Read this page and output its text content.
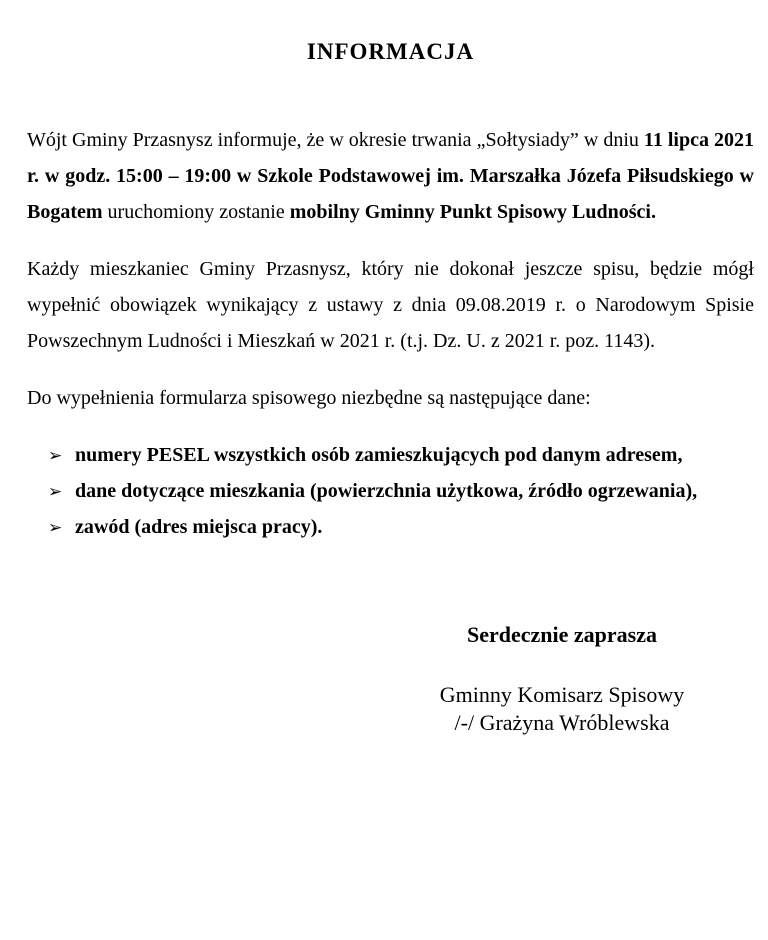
INFORMACJA

Wójt Gminy Przasnysz informuje, że w okresie trwania „Sołtysiady” w dniu 11 lipca 2021 r. w godz. 15:00 – 19:00 w Szkole Podstawowej im. Marszałka Józefa Piłsudskiego w Bogatem uruchomiony zostanie mobilny Gminny Punkt Spisowy Ludności.

Każdy mieszkaniec Gminy Przasnysz, który nie dokonał jeszcze spisu, będzie mógł wypełnić obowiązek wynikający z ustawy z dnia 09.08.2019 r. o Narodowym Spisie Powszechnym Ludności i Mieszkań w 2021 r. (t.j. Dz. U. z 2021 r. poz. 1143).

Do wypełnienia formularza spisowego niezbędne są następujące dane:

➢ numery PESEL wszystkich osób zamieszkujących pod danym adresem,
➢ dane dotyczące mieszkania (powierzchnia użytkowa, źródło ogrzewania),
➢ zawód (adres miejsca pracy).
Serdecznie zaprasza
Gminny Komisarz Spisowy
/-/ Grażyna Wróblewska
